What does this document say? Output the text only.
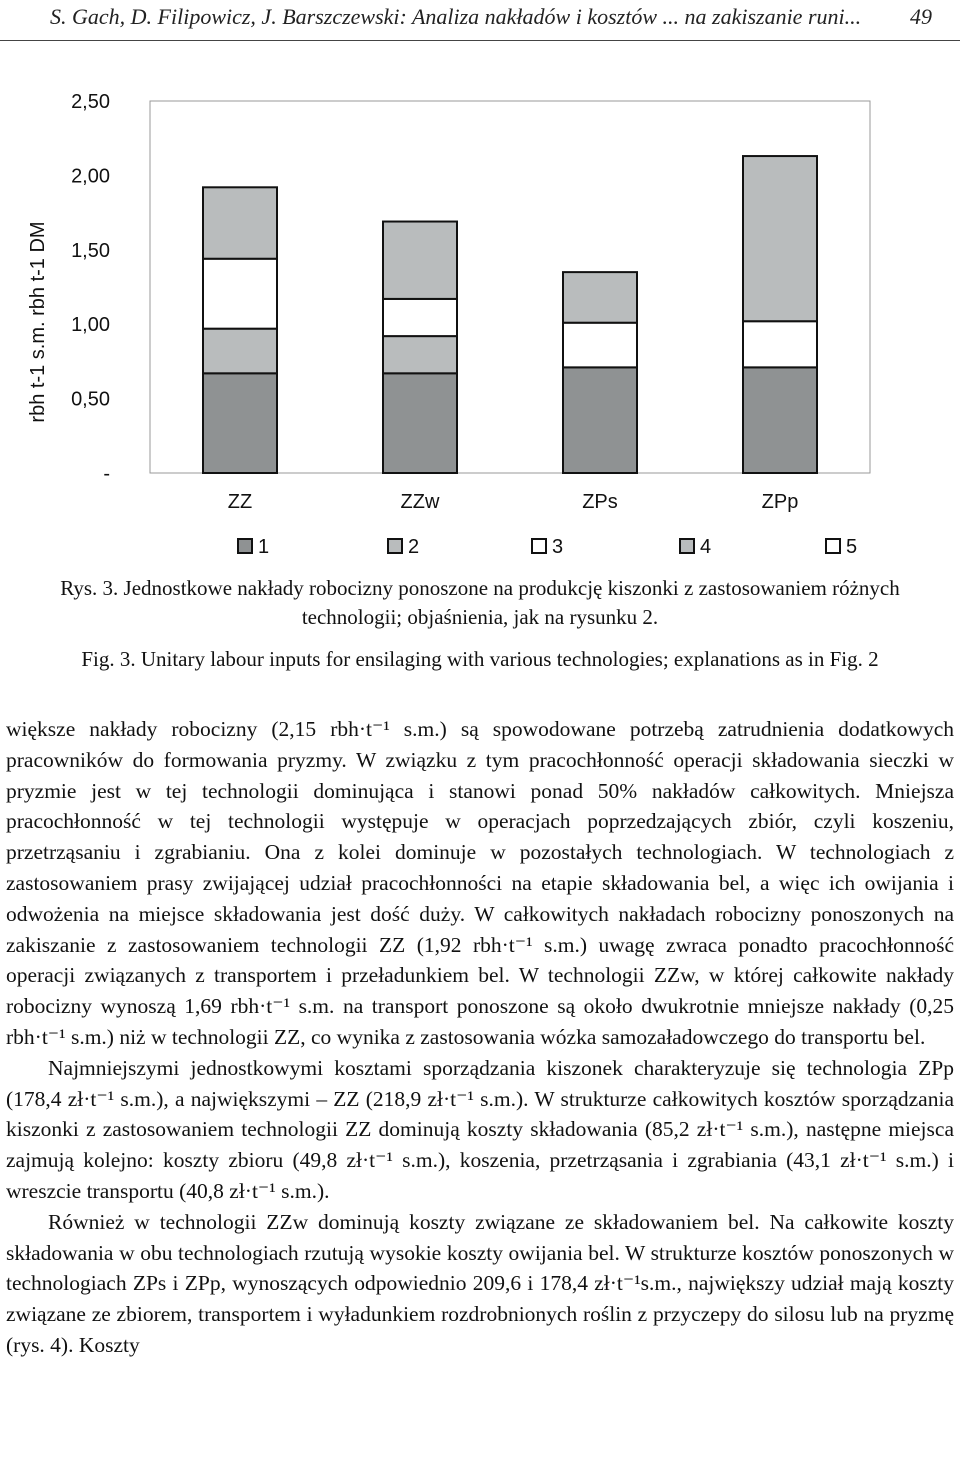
S. Gach, D. Filipowicz, J. Barszczewski: Analiza nakładów i kosztów ... na zakiszanie runi... 49
-
0,50
1,00
1,50
2,00
2,50
rbh t-1 s.m. rbh t-1 DM
ZZ	ZZw	ZPs	ZPp
1	2	3	4	5
Rys. 3. Jednostkowe nakłady robocizny ponoszone na produkcję kiszonki z zastosowaniem różnych
technologii; objaśnienia, jak na rysunku 2.
Fig. 3. Unitary labour inputs for ensilaging with various technologies; explanations as in Fig. 2

większe nakłady robocizny (2,15 rbh·t⁻¹ s.m.) są spowodowane potrzebą zatrudnienia dodatkowych pracowników do formowania pryzmy. W związku z tym pracochłonność operacji składowania sieczki w pryzmie jest w tej technologii dominująca i stanowi ponad 50% nakładów całkowitych. Mniejsza pracochłonność w tej technologii występuje w operacjach poprzedzających zbiór, czyli koszeniu, przetrząsaniu i zgrabianiu. Ona z kolei dominuje w pozostałych technologiach. W technologiach z zastosowaniem prasy zwijającej udział pracochłonności na etapie składowania bel, a więc ich owijania i odwożenia na miejsce składowania jest dość duży. W całkowitych nakładach robocizny ponoszonych na zakiszanie z zastosowaniem technologii ZZ (1,92 rbh·t⁻¹ s.m.) uwagę zwraca ponadto pracochłonność operacji związanych z transportem i przeładunkiem bel. W technologii ZZw, w której całkowite nakłady robocizny wynoszą 1,69 rbh·t⁻¹ s.m. na transport ponoszone są około dwukrotnie mniejsze nakłady (0,25 rbh·t⁻¹ s.m.) niż w technologii ZZ, co wynika z zastosowania wózka samozaładowczego do transportu bel.

Najmniejszymi jednostkowymi kosztami sporządzania kiszonek charakteryzuje się technologia ZPp (178,4 zł·t⁻¹ s.m.), a największymi – ZZ (218,9 zł·t⁻¹ s.m.). W strukturze całkowitych kosztów sporządzania kiszonki z zastosowaniem technologii ZZ dominują koszty składowania (85,2 zł·t⁻¹ s.m.), następne miejsca zajmują kolejno: koszty zbioru (49,8 zł·t⁻¹ s.m.), koszenia, przetrząsania i zgrabiania (43,1 zł·t⁻¹ s.m.) i wreszcie transportu (40,8 zł·t⁻¹ s.m.).

Również w technologii ZZw dominują koszty związane ze składowaniem bel. Na całkowite koszty składowania w obu technologiach rzutują wysokie koszty owijania bel. W strukturze kosztów ponoszonych w technologiach ZPs i ZPp, wynoszących odpowiednio 209,6 i 178,4 zł·t⁻¹s.m., największy udział mają koszty związane ze zbiorem, transportem i wyładunkiem rozdrobnionych roślin z przyczepy do silosu lub na pryzmę (rys. 4). Koszty
